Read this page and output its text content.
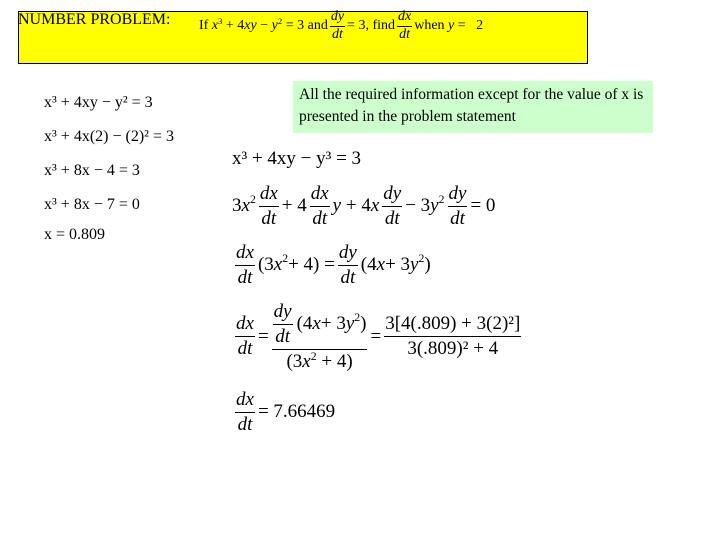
NUMBER PROBLEM: If
$x^3 + 4xy - y^2 = 3$ and $\frac{dy}{dt} = 3$, find $\frac{dx}{dt}$ when
y
=   2
All the required information except for the value of x is presented in the problem statement
x³ + 4xy − y² = 3
x³ + 4x(2) − (2)² = 3
x³ + 8x − 4 = 3
x³ + 8x − 7 = 0
x = 0.809
x³ + 4xy − y³ = 3
3 $x^2 \frac{dx}{dt} + 4 \frac{dx}{dt}$ y + 4 x $\frac{dy}{dt} - 3$ $y^2 \frac{dy}{dt} = 0$
$\frac{dx}{dt} (3$ $x^2 + 4) = \frac{dy}{dt} (4$ x + 3 $y^2$ )
$\frac{dx}{dt} = \frac{\frac{dy}{dt} (4 x + 3 y^2 )}{(3x^2 + 4)} = \frac{\text{3[4(.809) + 3(2)²]}}{\text{3(.809)² + 4}}$
$\frac{dx}{dt} = 7.66469$
